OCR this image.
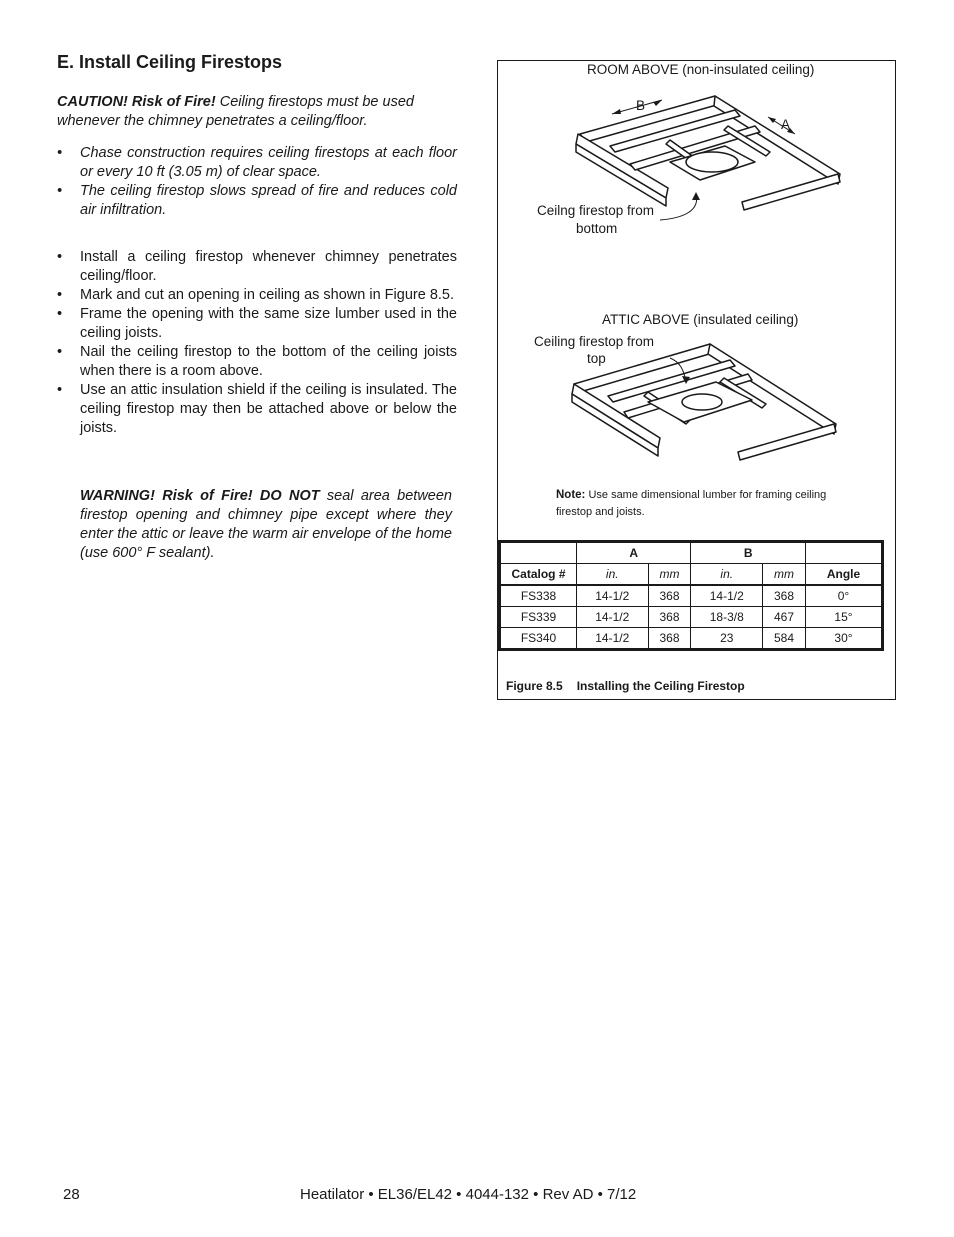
E. Install Ceiling Firestops
CAUTION! Risk of Fire! Ceiling firestops must be used whenever the chimney penetrates a ceiling/floor.
• Chase construction requires ceiling firestops at each floor or every 10 ft (3.05 m) of clear space.
• The ceiling firestop slows spread of fire and reduces cold air infiltration.
• Install a ceiling firestop whenever chimney penetrates ceiling/floor.
• Mark and cut an opening in ceiling as shown in Figure 8.5.
• Frame the opening with the same size lumber used in the ceiling joists.
• Nail the ceiling firestop to the bottom of the ceiling joists when there is a room above.
• Use an attic insulation shield if the ceiling is insulated. The ceiling firestop may then be attached above or below the joists.
WARNING! Risk of Fire! DO NOT seal area between firestop opening and chimney pipe except where they enter the attic or leave the warm air envelope of the home (use 600° F sealant).
ROOM ABOVE (non-insulated ceiling)
B
A
Ceilng firestop from
bottom
ATTIC ABOVE (insulated ceiling)
Ceiling firestop from
top
Note: Use same dimensional lumber for framing ceiling firestop and joists.
	A		B		
Catalog #	in.	mm	in.	mm	Angle
FS338	14-1/2	368	14-1/2	368	0°
FS339	14-1/2	368	18-3/8	467	15°
FS340	14-1/2	368	23	584	30°
Figure 8.5 Installing the Ceiling Firestop
28	Heatilator • EL36/EL42 • 4044-132 • Rev AD • 7/12
